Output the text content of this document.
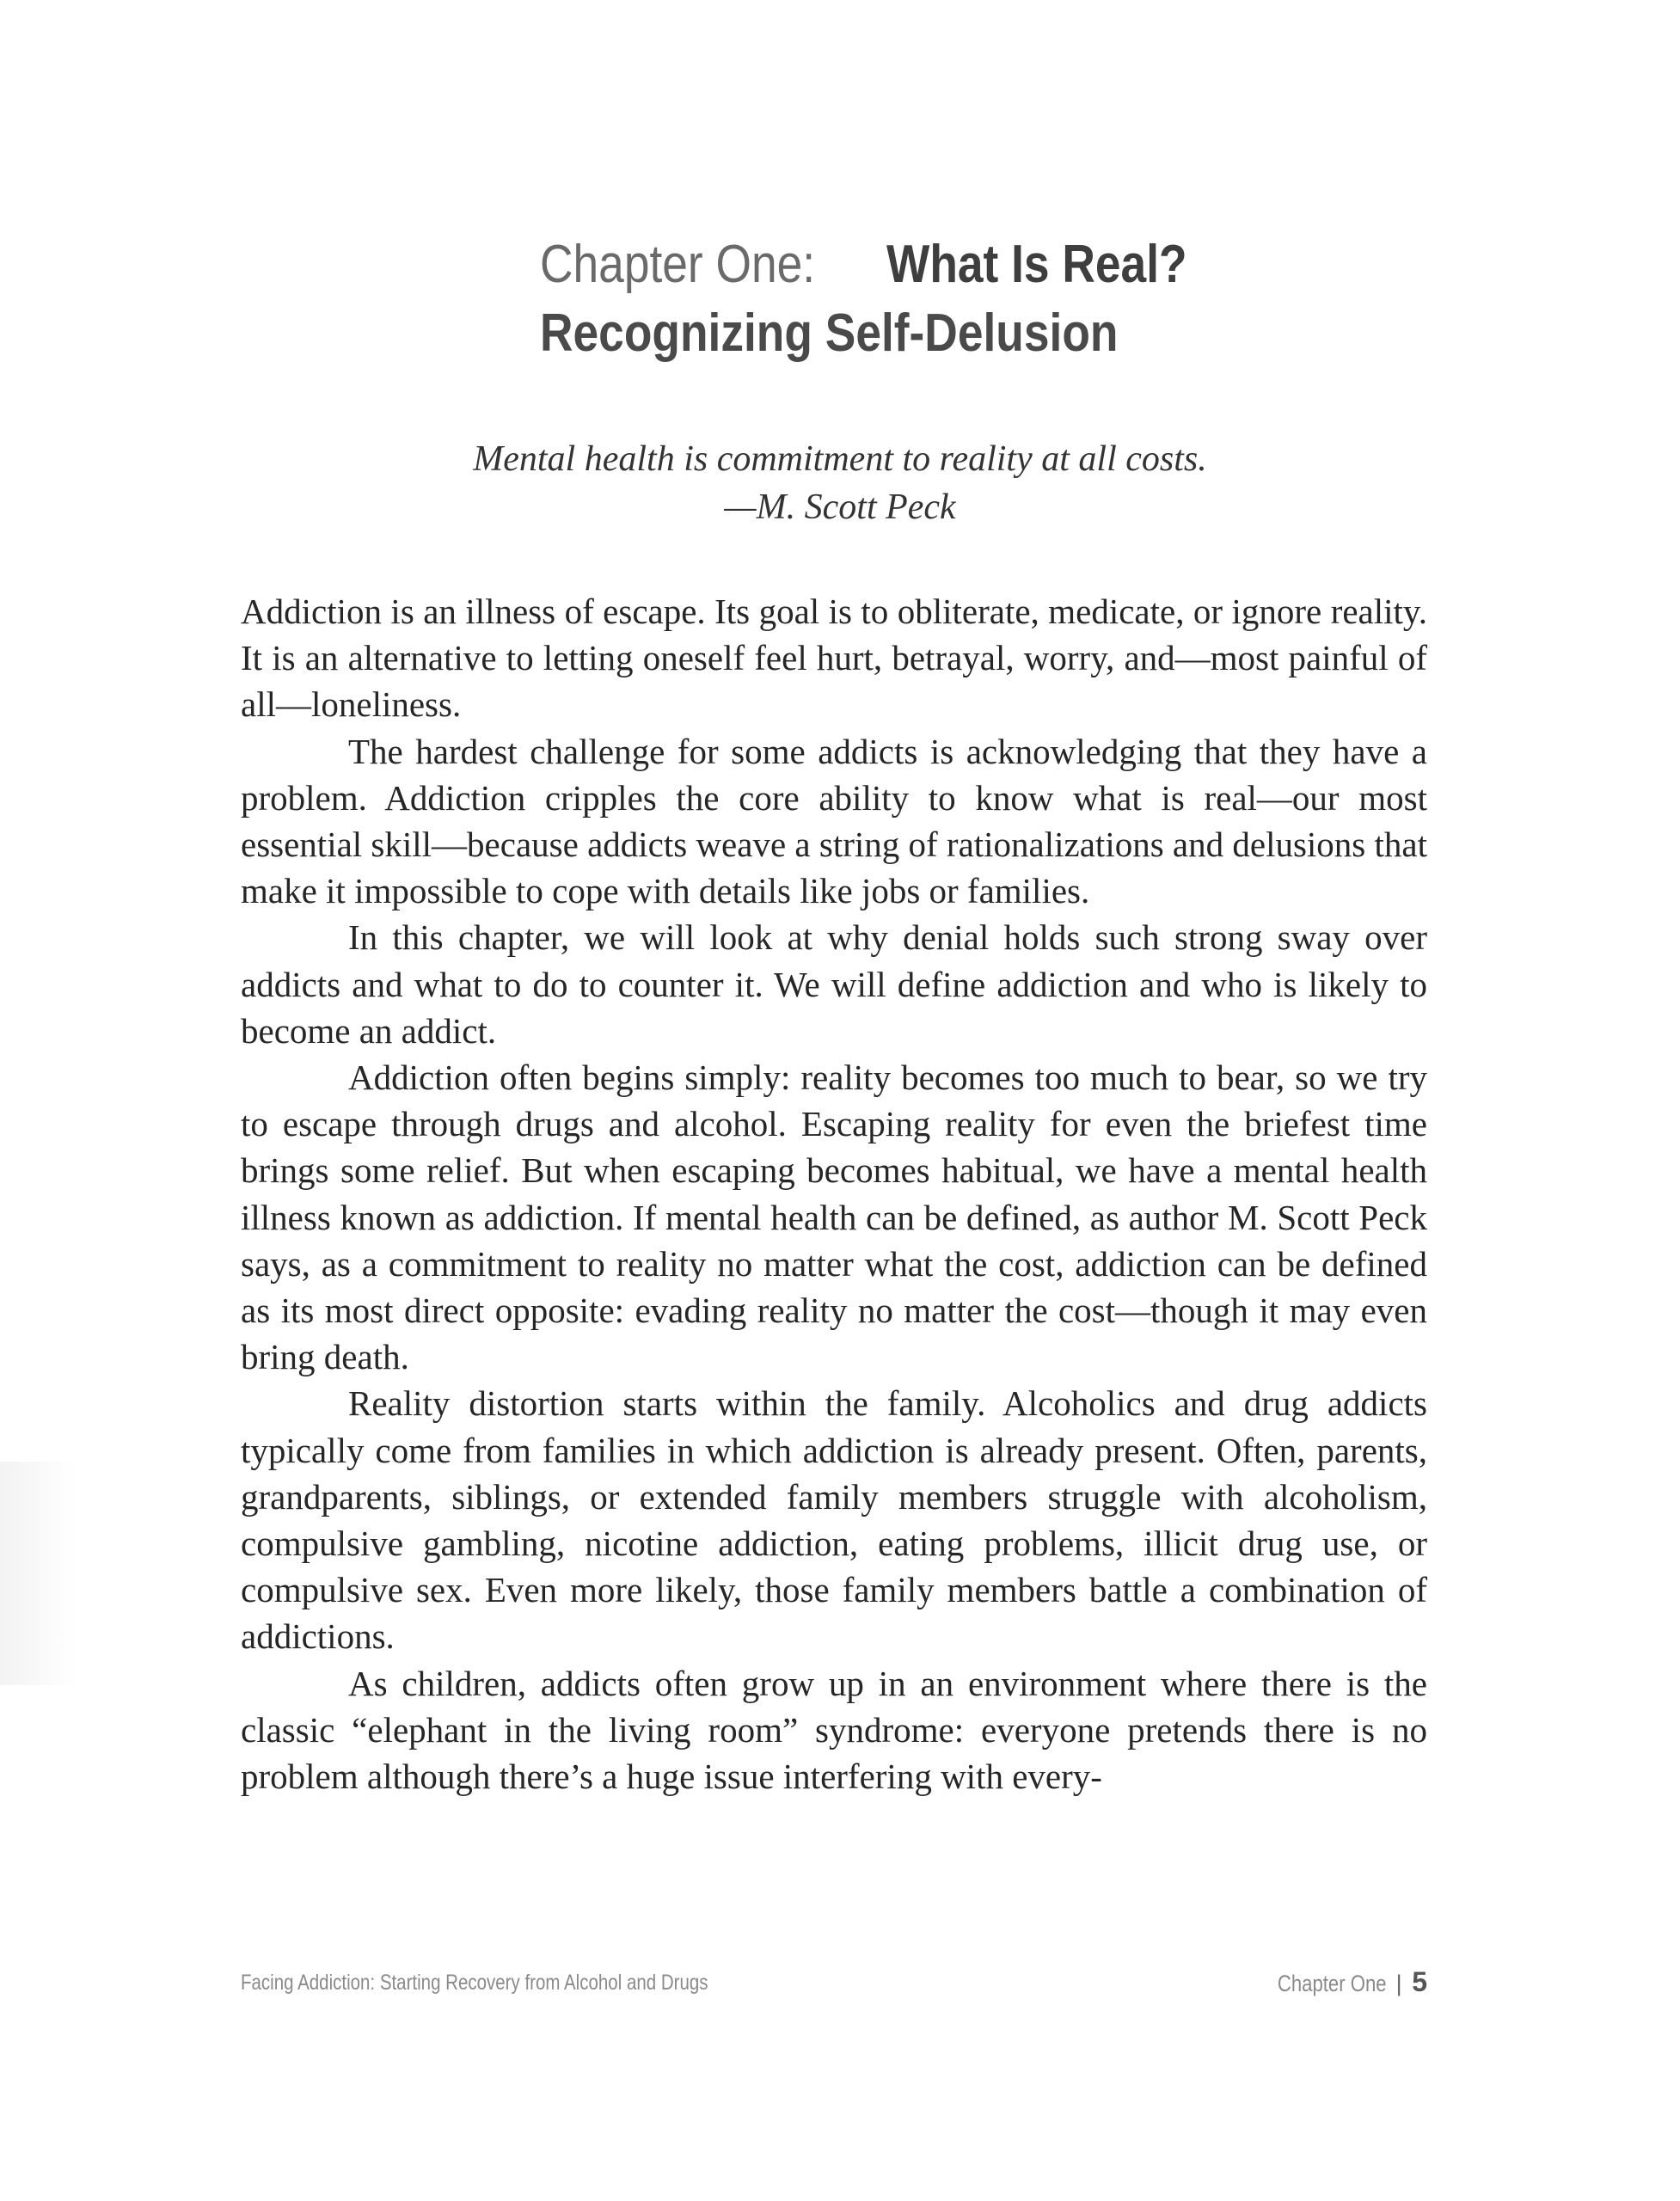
Chapter One: What Is Real?
Recognizing Self-Delusion
Mental health is commitment to reality at all costs.
—M. Scott Peck

Addiction is an illness of escape. Its goal is to obliterate, medicate, or ignore reality. It is an alternative to letting oneself feel hurt, betrayal, worry, and—most painful of all—loneliness.

The hardest challenge for some addicts is acknowledging that they have a problem. Addiction cripples the core ability to know what is real—our most essential skill—because addicts weave a string of rationalizations and delusions that make it impossible to cope with details like jobs or families.

In this chapter, we will look at why denial holds such strong sway over addicts and what to do to counter it. We will define addiction and who is likely to become an addict.

Addiction often begins simply: reality becomes too much to bear, so we try to escape through drugs and alcohol. Escaping reality for even the briefest time brings some relief. But when escaping becomes habitual, we have a mental health illness known as addiction. If mental health can be defined, as author M. Scott Peck says, as a commitment to reality no matter what the cost, addiction can be defined as its most direct opposite: evading reality no matter the cost—though it may even bring death.

Reality distortion starts within the family. Alcoholics and drug addicts typically come from families in which addiction is already present. Often, parents, grandparents, siblings, or extended family members struggle with alcoholism, compulsive gambling, nicotine addiction, eating problems, illicit drug use, or compulsive sex. Even more likely, those family members battle a combination of addictions.

As children, addicts often grow up in an environment where there is the classic “elephant in the living room” syndrome: everyone pretends there is no problem although there’s a huge issue interfering with every-

Facing Addiction: Starting Recovery from Alcohol and Drugs	Chapter One | 5
